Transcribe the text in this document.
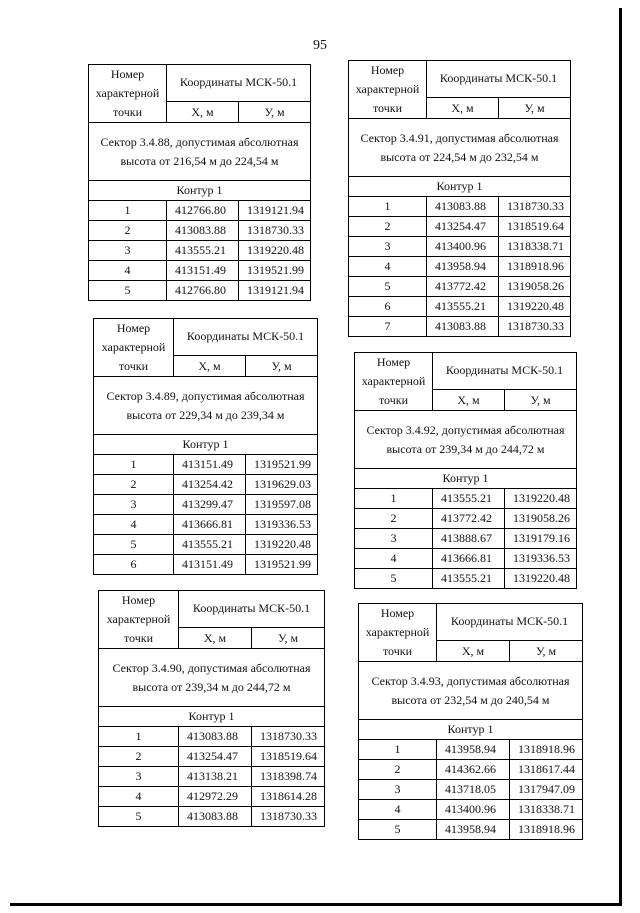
95
Номер характерной точки	Координаты МСК-50.1	
	Х, м	У, м
Сектор 3.4.88, допустимая абсолютная высота от 216,54 м до 224,54 м		
Контур 1		
1	412766.80	1319121.94
2	413083.88	1318730.33
3	413555.21	1319220.48
4	413151.49	1319521.99
5	412766.80	1319121.94
Номер характерной точки	Координаты МСК-50.1	
	Х, м	У, м
Сектор 3.4.91, допустимая абсолютная высота от 224,54 м до 232,54 м		
Контур 1		
1	413083.88	1318730.33
2	413254.47	1318519.64
3	413400.96	1318338.71
4	413958.94	1318918.96
5	413772.42	1319058.26
6	413555.21	1319220.48
7	413083.88	1318730.33
Номер характерной точки	Координаты МСК-50.1	
	Х, м	У, м
Сектор 3.4.89, допустимая абсолютная высота от 229,34 м до 239,34 м		
Контур 1		
1	413151.49	1319521.99
2	413254.42	1319629.03
3	413299.47	1319597.08
4	413666.81	1319336.53
5	413555.21	1319220.48
6	413151.49	1319521.99
Номер характерной точки	Координаты МСК-50.1	
	Х, м	У, м
Сектор 3.4.92, допустимая абсолютная высота от 239,34 м до 244,72 м		
Контур 1		
1	413555.21	1319220.48
2	413772.42	1319058.26
3	413888.67	1319179.16
4	413666.81	1319336.53
5	413555.21	1319220.48
Номер характерной точки	Координаты МСК-50.1	
	Х, м	У, м
Сектор 3.4.90, допустимая абсолютная высота от 239,34 м до 244,72 м		
Контур 1		
1	413083.88	1318730.33
2	413254.47	1318519.64
3	413138.21	1318398.74
4	412972.29	1318614.28
5	413083.88	1318730.33
Номер характерной точки	Координаты МСК-50.1	
	Х, м	У, м
Сектор 3.4.93, допустимая абсолютная высота от 232,54 м до 240,54 м		
Контур 1		
1	413958.94	1318918.96
2	414362.66	1318617.44
3	413718.05	1317947.09
4	413400.96	1318338.71
5	413958.94	1318918.96
